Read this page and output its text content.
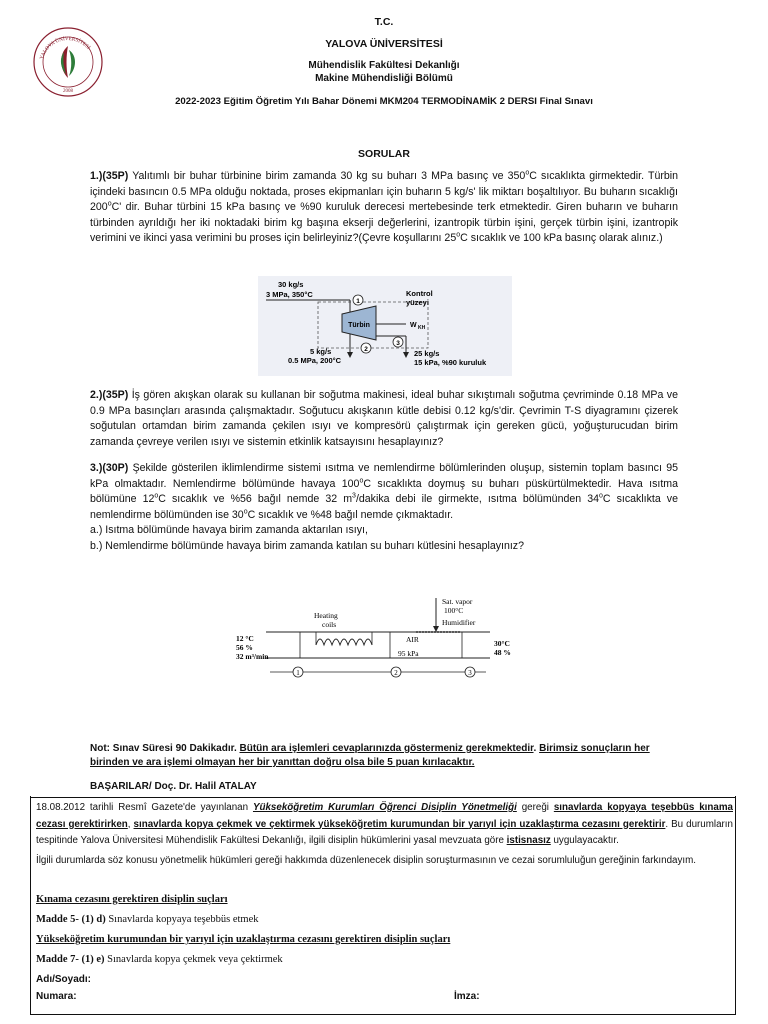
2008
YALOVA ÜNİVERSİTESİ
T.C.
YALOVA ÜNİVERSİTESİ
Mühendislik Fakültesi Dekanlığı
Makine Mühendisliği Bölümü
2022-2023 Eğitim Öğretim Yılı Bahar Dönemi MKM204 TERMODİNAMİK 2 DERSI Final Sınavı
SORULAR
1.)(35P) Yalıtımlı bir buhar türbinine birim zamanda 30 kg su buharı 3 MPa basınç ve 350$^o$C sıcaklıkta girmektedir. Türbin içindeki basıncın 0.5 MPa olduğu noktada, proses ekipmanları için buharın 5 kg/s' lik miktarı boşaltılıyor. Bu buharın sıcaklığı 200$^o$C' dir. Buhar türbini 15 kPa basınç ve %90 kuruluk derecesi mertebesinde terk etmektedir. Giren buharın ve buharın türbinden ayrıldığı her iki noktadaki birim kg başına ekserji değerlerini, izantropik türbin işini, gerçek türbin işini, izantropik verimini ve ikinci yasa verimini bu proses için belirleyiniz?(Çevre koşullarını 25$^o$C sıcaklık ve 100 kPa basınç olarak alınız.)
Türbin	W KH
1
2
3
30 kg/s
3 MPa, 350°C	Kontrol
yüzeyi
5 kg/s
0.5 MPa, 200°C
25 kg/s
15 kPa, %90 kuruluk
2.)(35P) İş gören akışkan olarak su kullanan bir soğutma makinesi, ideal buhar sıkıştımalı soğutma çevriminde 0.18 MPa ve 0.9 MPa basınçları arasında çalışmaktadır. Soğutucu akışkanın kütle debisi 0.12 kg/s'dir. Çevrimin T-S diyagramını çizerek soğutulan ortamdan birim zamanda çekilen ısıyı ve kompresörü çalıştırmak için gereken gücü, yoğuşturucudan birim zamanda çevreye verilen ısıyı ve sistemin etkinlik katsayısını hesaplayınız?
3.)(30P) Şekilde gösterilen iklimlendirme sistemi ısıtma ve nemlendirme bölümlerinden oluşup, sistemin toplam basıncı 95 kPa olmaktadır. Nemlendirme bölümünde havaya 100$^o$C sıcaklıkta doymuş su buharı püskürtülmektedir. Hava ısıtma bölümüne 12$^o$C sıcaklık ve %56 bağıl nemde 32 $m^3$/dakika debi ile girmekte, ısıtma bölümünden 34$^o$C sıcaklıkta ve nemlendirme bölümünden ise 30$^o$C sıcaklık ve %48 bağıl nemde çıkmaktadır.
a.) Isıtma bölümünde havaya birim zamanda aktarılan ısıyı,
b.) Nemlendirme bölümünde havaya birim zamanda katılan su buharı kütlesini hesaplayınız?
1	2	3
Sat. vapor
100°C
Heating
coils	Humidifier
AIR
95 kPa
12 °C
56 %
32 m³/min
30°C
48 %
Not: Sınav Süresi 90 Dakikadır. Bütün ara işlemleri cevaplarınızda göstermeniz gerekmektedir. Birimsiz sonuçların her
birinden ve ara işlemi olmayan her bir yanıttan doğru olsa bile 5 puan kırılacaktır.
BAŞARILAR/ Doç. Dr. Halil ATALAY
18.08.2012 tarihli Resmî Gazete'de yayınlanan Yükseköğretim Kurumları Öğrenci Disiplin Yönetmeliği gereği sınavlarda kopyaya teşebbüs kınama cezası gerektirirken, sınavlarda kopya çekmek ve çektirmek yükseköğretim kurumundan bir yarıyıl için uzaklaştırma cezasını gerektirir. Bu durumların tespitinde Yalova Üniversitesi Mühendislik Fakültesi Dekanlığı, ilgili disiplin hükümlerini yasal mevzuata göre istisnasız uygulayacaktır.
İlgili durumlarda söz konusu yönetmelik hükümleri gereği hakkımda düzenlenecek disiplin soruşturmasının ve cezai sorumluluğun gereğinin farkındayım.
Kınama cezasını gerektiren disiplin suçları
Madde 5- (1) d) Sınavlarda kopyaya teşebbüs etmek
Yükseköğretim kurumundan bir yarıyıl için uzaklaştırma cezasını gerektiren disiplin suçları
Madde 7- (1) e) Sınavlarda kopya çekmek veya çektirmek
Adı/Soyadı:
Numara:	İmza:
